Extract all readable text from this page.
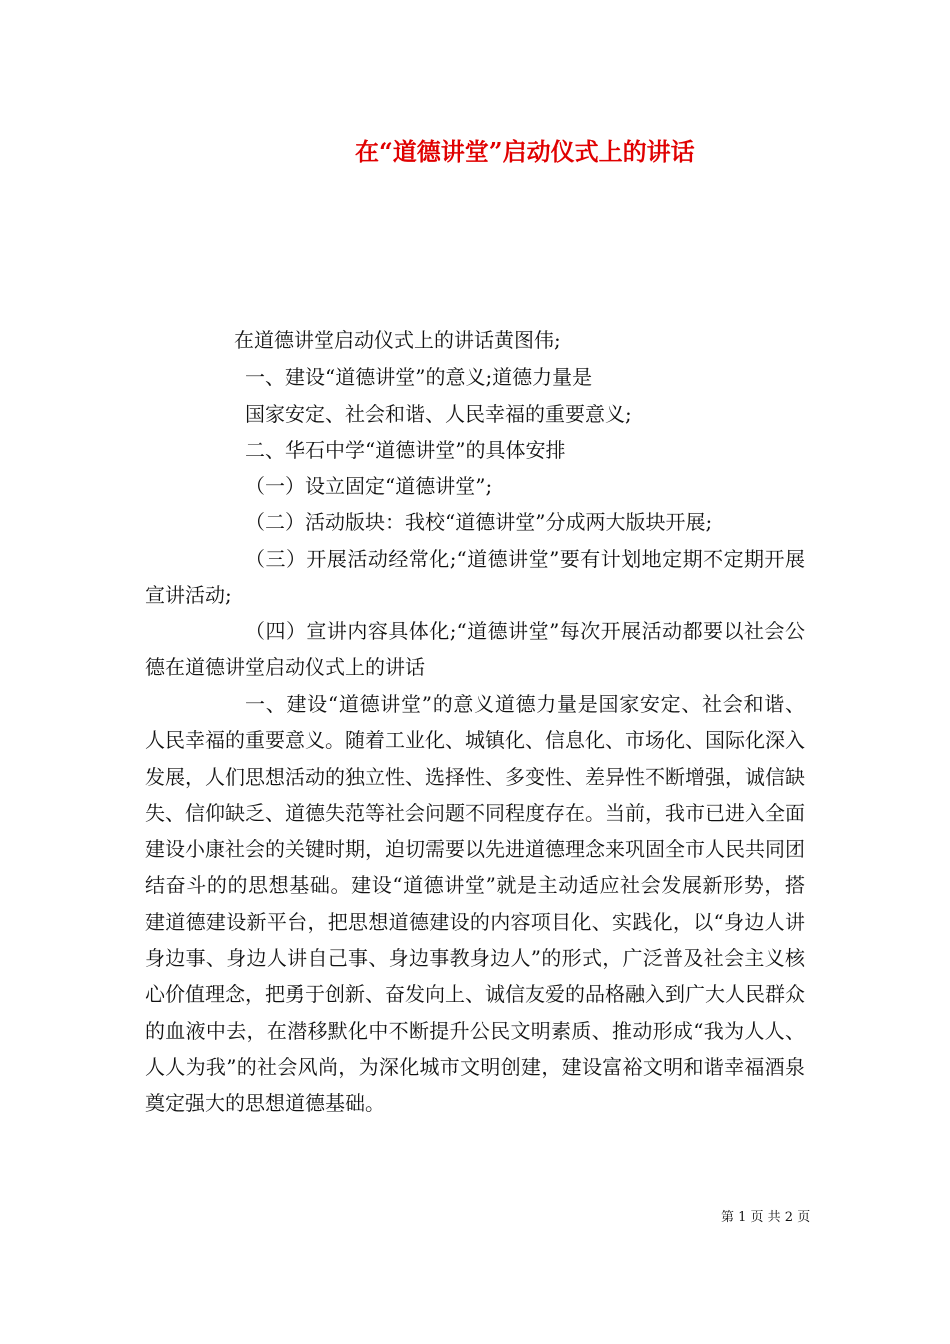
在“道德讲堂”启动仪式上的讲话
在道德讲堂启动仪式上的讲话黄图伟;
一、建设“道德讲堂”的意义;道德力量是
国家安定、社会和谐、人民幸福的重要意义;
二、华石中学“道德讲堂”的具体安排
（一）设立固定“道德讲堂”;
（二）活动版块：我校“道德讲堂”分成两大版块开展;

（三）开展活动经常化;“道德讲堂”要有计划地定期不定期开展宣讲活动;

（四）宣讲内容具体化;“道德讲堂”每次开展活动都要以社会公德在道德讲堂启动仪式上的讲话

一、建设“道德讲堂”的意义道德力量是国家安定、社会和谐、人民幸福的重要意义。随着工业化、城镇化、信息化、市场化、国际化深入发展，人们思想活动的独立性、选择性、多变性、差异性不断增强，诚信缺失、信仰缺乏、道德失范等社会问题不同程度存在。当前，我市已进入全面建设小康社会的关键时期，迫切需要以先进道德理念来巩固全市人民共同团结奋斗的的思想基础。建设“道德讲堂”就是主动适应社会发展新形势，搭建道德建设新平台，把思想道德建设的内容项目化、实践化，以“身边人讲身边事、身边人讲自己事、身边事教身边人”的形式，广泛普及社会主义核心价值理念，把勇于创新、奋发向上、诚信友爱的品格融入到广大人民群众的血液中去，在潜移默化中不断提升公民文明素质、推动形成“我为人人、人人为我”的社会风尚，为深化城市文明创建，建设富裕文明和谐幸福酒泉奠定强大的思想道德基础。

第 1 页 共 2 页
